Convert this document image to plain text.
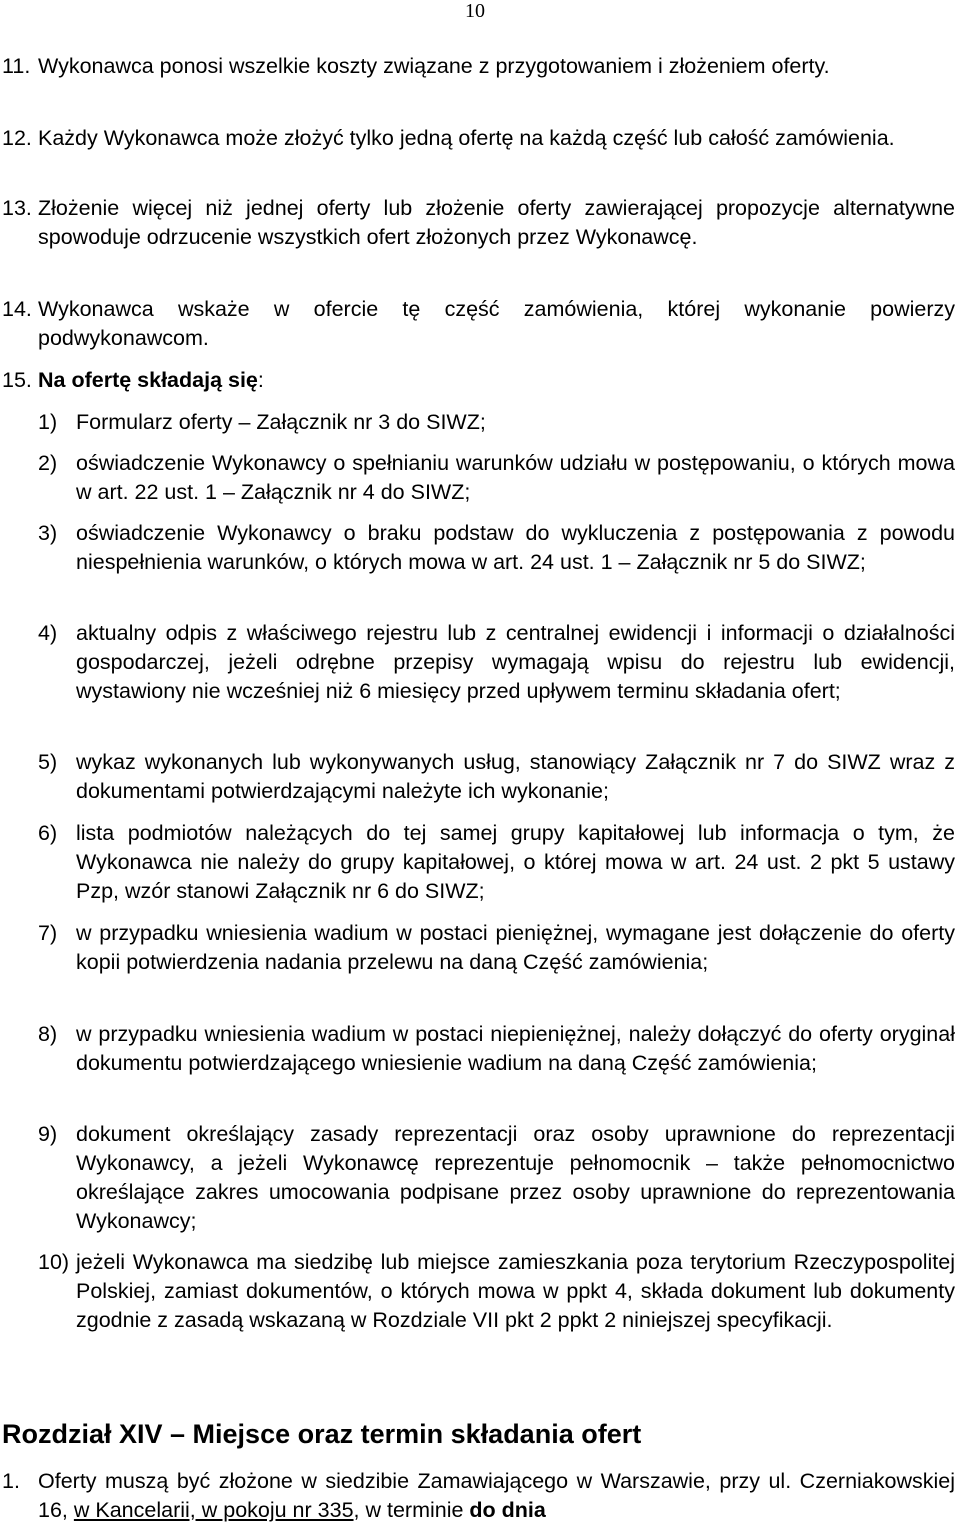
10
11. Wykonawca ponosi wszelkie koszty związane z przygotowaniem i złożeniem oferty.
12. Każdy Wykonawca może złożyć tylko jedną ofertę na każdą część lub całość zamówienia.
13. Złożenie więcej niż jednej oferty lub złożenie oferty zawierającej propozycje alternatywne spowoduje odrzucenie wszystkich ofert złożonych przez Wykonawcę.
14. Wykonawca wskaże w ofercie tę część zamówienia, której wykonanie powierzy podwykonawcom.
15. Na ofertę składają się:
1) Formularz oferty – Załącznik nr 3 do SIWZ;
2) oświadczenie Wykonawcy o spełnianiu warunków udziału w postępowaniu, o których mowa w art. 22 ust. 1 – Załącznik nr 4 do SIWZ;
3) oświadczenie Wykonawcy o braku podstaw do wykluczenia z postępowania z powodu niespełnienia warunków, o których mowa w art. 24 ust. 1 – Załącznik nr 5 do SIWZ;
4) aktualny odpis z właściwego rejestru lub z centralnej ewidencji i informacji o działalności gospodarczej, jeżeli odrębne przepisy wymagają wpisu do rejestru lub ewidencji, wystawiony nie wcześniej niż 6 miesięcy przed upływem terminu składania ofert;
5) wykaz wykonanych lub wykonywanych usług, stanowiący Załącznik nr 7 do SIWZ wraz z dokumentami potwierdzającymi należyte ich wykonanie;
6) lista podmiotów należących do tej samej grupy kapitałowej lub informacja o tym, że Wykonawca nie należy do grupy kapitałowej, o której mowa w art. 24 ust. 2 pkt 5 ustawy Pzp, wzór stanowi Załącznik nr 6 do SIWZ;
7) w przypadku wniesienia wadium w postaci pieniężnej, wymagane jest dołączenie do oferty kopii potwierdzenia nadania przelewu na daną Część zamówienia;
8) w przypadku wniesienia wadium w postaci niepieniężnej, należy dołączyć do oferty oryginał dokumentu potwierdzającego wniesienie wadium na daną Część zamówienia;
9) dokument określający zasady reprezentacji oraz osoby uprawnione do reprezentacji Wykonawcy, a jeżeli Wykonawcę reprezentuje pełnomocnik – także pełnomocnictwo określające zakres umocowania podpisane przez osoby uprawnione do reprezentowania Wykonawcy;
10) jeżeli Wykonawca ma siedzibę lub miejsce zamieszkania poza terytorium Rzeczypospolitej Polskiej, zamiast dokumentów, o których mowa w ppkt 4, składa dokument lub dokumenty zgodnie z zasadą wskazaną w Rozdziale VII pkt 2 ppkt 2 niniejszej specyfikacji.
Rozdział XIV – Miejsce oraz termin składania ofert
1. Oferty muszą być złożone w siedzibie Zamawiającego w Warszawie, przy ul. Czerniakowskiej 16, w Kancelarii, w pokoju nr 335, w terminie do dnia
